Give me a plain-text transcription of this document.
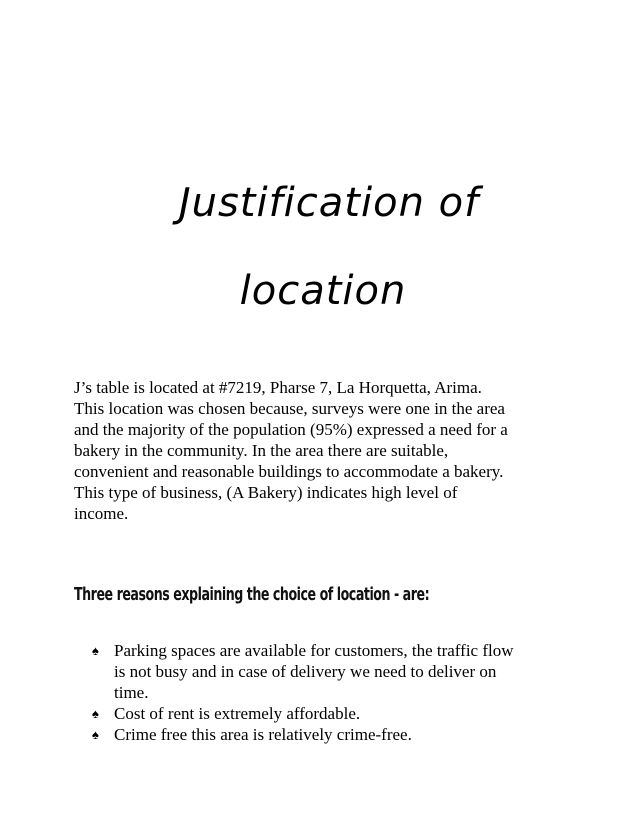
Justification of
location

J’s table is located at #7219, Pharse 7, La Horquetta, Arima.
This location was chosen because, surveys were one in the area
and the majority of the population (95%) expressed a need for a
bakery in the community. In the area there are suitable,
convenient and reasonable buildings to accommodate a bakery.
This type of business, (A Bakery) indicates high level of
income.

Three reasons explaining the choice of location - are:
♠ Parking spaces are available for customers, the traffic flow
is not busy and in case of delivery we need to deliver on
time.
♠ Cost of rent is extremely affordable.
♠ Crime free this area is relatively crime-free.
